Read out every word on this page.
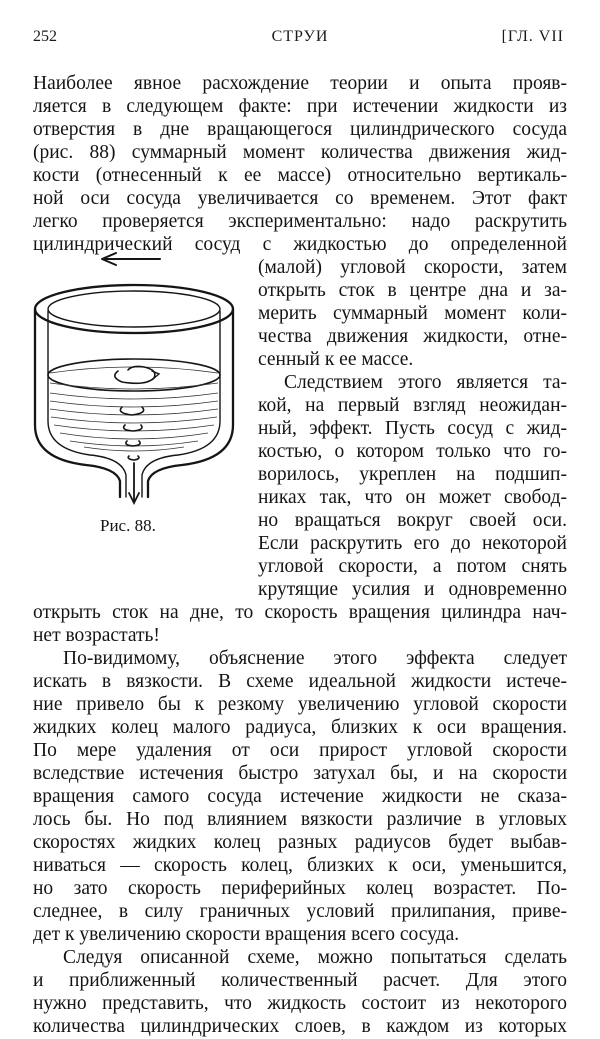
252	СТРУИ	[ГЛ. VII
Наиболее явное расхождение теории и опыта прояв-
ляется в следующем факте: при истечении жидкости из
отверстия в дне вращающегося цилиндрического сосуда
(рис. 88) суммарный момент количества движения жид-
кости (отнесенный к ее массе) относительно вертикаль-
ной оси сосуда увеличивается со временем. Этот факт
легко проверяется экспериментально: надо раскрутить
цилиндрический сосуд с жидкостью до определенной
(малой) угловой скорости, затем
открыть сток в центре дна и за-
мерить суммарный момент коли-
чества движения жидкости, отне-
сенный к ее массе.
Следствием этого является та-
кой, на первый взгляд неожидан-
ный, эффект. Пусть сосуд с жид-
костью, о котором только что го-
ворилось, укреплен на подшип-
никах так, что он может свобод-
но вращаться вокруг своей оси.
Если раскрутить его до некоторой
угловой скорости, а потом снять
крутящие усилия и одновременно
открыть сток на дне, то скорость вращения цилиндра нач-
нет возрастать!
По-видимому, объяснение этого эффекта следует
искать в вязкости. В схеме идеальной жидкости истече-
ние привело бы к резкому увеличению угловой скорости
жидких колец малого радиуса, близких к оси вращения.
По мере удаления от оси прирост угловой скорости
вследствие истечения быстро затухал бы, и на скорости
вращения самого сосуда истечение жидкости не сказа-
лось бы. Но под влиянием вязкости различие в угловых
скоростях жидких колец разных радиусов будет выбав-
ниваться — скорость колец, близких к оси, уменьшится,
но зато скорость периферийных колец возрастет. По-
следнее, в силу граничных условий прилипания, приве-
дет к увеличению скорости вращения всего сосуда.
Следуя описанной схеме, можно попытаться сделать
и приближенный количественный расчет. Для этого
нужно представить, что жидкость состоит из некоторого
количества цилиндрических слоев, в каждом из которых
Рис. 88.
